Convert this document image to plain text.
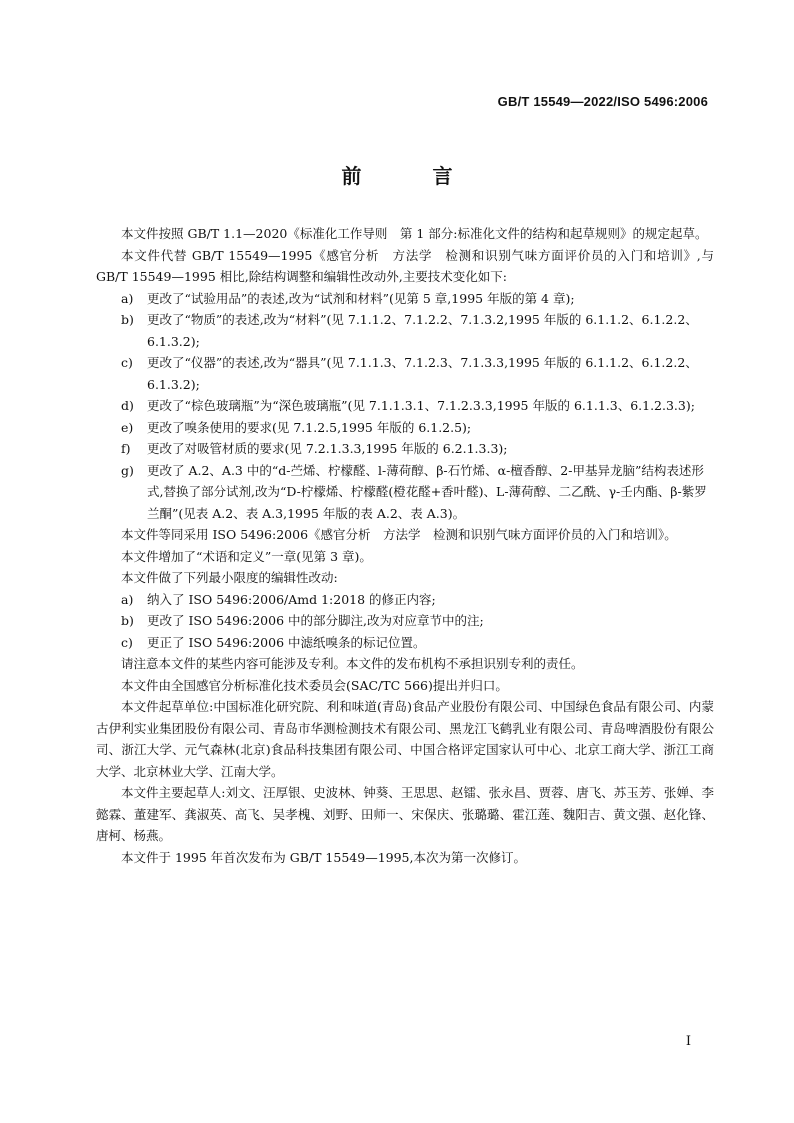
GB/T 15549—2022/ISO 5496:2006
前 言

本文件按照 GB/T 1.1—2020《标准化工作导则　第 1 部分:标准化文件的结构和起草规则》的规定起草。

本文件代替 GB/T 15549—1995《感官分析　方法学　检测和识别气味方面评价员的入门和培训》,与 GB/T 15549—1995 相比,除结构调整和编辑性改动外,主要技术变化如下:

a)	更改了“试验用品”的表述,改为“试剂和材料”(见第 5 章,1995 年版的第 4 章);
b)	更改了“物质”的表述,改为“材料”(见 7.1.1.2、7.1.2.2、7.1.3.2,1995 年版的 6.1.1.2、6.1.2.2、6.1.3.2);
c)	更改了“仪器”的表述,改为“器具”(见 7.1.1.3、7.1.2.3、7.1.3.3,1995 年版的 6.1.1.2、6.1.2.2、6.1.3.2);
d)	更改了“棕色玻璃瓶”为“深色玻璃瓶”(见 7.1.1.3.1、7.1.2.3.3,1995 年版的 6.1.1.3、6.1.2.3.3);
e)	更改了嗅条使用的要求(见 7.1.2.5,1995 年版的 6.1.2.5);
f)	更改了对吸管材质的要求(见 7.2.1.3.3,1995 年版的 6.2.1.3.3);
g)	更改了 A.2、A.3 中的“d-苎烯、柠檬醛、l-薄荷醇、β-石竹烯、α-檀香醇、2-甲基异龙脑”结构表述形式,替换了部分试剂,改为“D-柠檬烯、柠檬醛(橙花醛+香叶醛)、L-薄荷醇、二乙酰、γ-壬内酯、β-紫罗兰酮”(见表 A.2、表 A.3,1995 年版的表 A.2、表 A.3)。

本文件等同采用 ISO 5496:2006《感官分析　方法学　检测和识别气味方面评价员的入门和培训》。

本文件增加了“术语和定义”一章(见第 3 章)。

本文件做了下列最小限度的编辑性改动:

a)	纳入了 ISO 5496:2006/Amd 1:2018 的修正内容;
b)	更改了 ISO 5496:2006 中的部分脚注,改为对应章节中的注;
c)	更正了 ISO 5496:2006 中滤纸嗅条的标记位置。

请注意本文件的某些内容可能涉及专利。本文件的发布机构不承担识别专利的责任。

本文件由全国感官分析标准化技术委员会(SAC/TC 566)提出并归口。

本文件起草单位:中国标准化研究院、利和味道(青岛)食品产业股份有限公司、中国绿色食品有限公司、内蒙古伊利实业集团股份有限公司、青岛市华测检测技术有限公司、黑龙江飞鹤乳业有限公司、青岛啤酒股份有限公司、浙江大学、元气森林(北京)食品科技集团有限公司、中国合格评定国家认可中心、北京工商大学、浙江工商大学、北京林业大学、江南大学。

本文件主要起草人:刘文、汪厚银、史波林、钟葵、王思思、赵镭、张永昌、贾蓉、唐飞、苏玉芳、张婵、李懿霖、董建军、龚淑英、高飞、吴孝槐、刘野、田师一、宋保庆、张璐璐、霍江莲、魏阳吉、黄文强、赵化锋、唐柯、杨燕。

本文件于 1995 年首次发布为 GB/T 15549—1995,本次为第一次修订。

I
